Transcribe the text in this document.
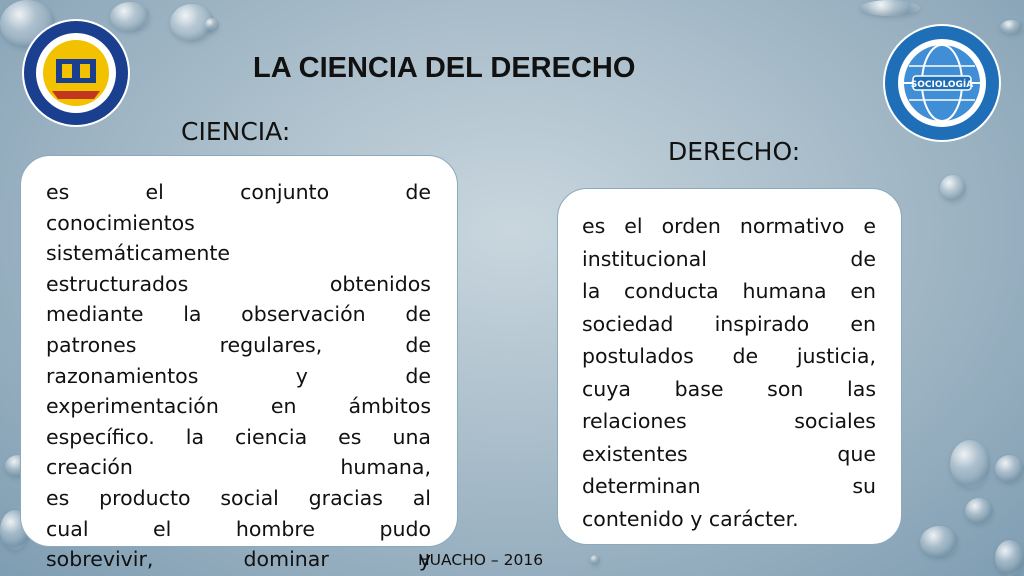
SOCIOLOGÍA
LA CIENCIA DEL DERECHO
CIENCIA:
DERECHO:
es el conjunto de
conocimientos
sistemáticamente
estructurados obtenidos
mediante la observación de
patrones regulares, de
razonamientos y de
experimentación en ámbitos
específico. la ciencia es una
creación humana,
es producto social gracias al
cual el hombre pudo
sobrevivir, dominar y
es el orden normativo e
institucional de
la conducta humana en
sociedad inspirado en
postulados de justicia,
cuya base son las
relaciones sociales
existentes que
determinan su
contenido y carácter.
HUACHO – 2016
